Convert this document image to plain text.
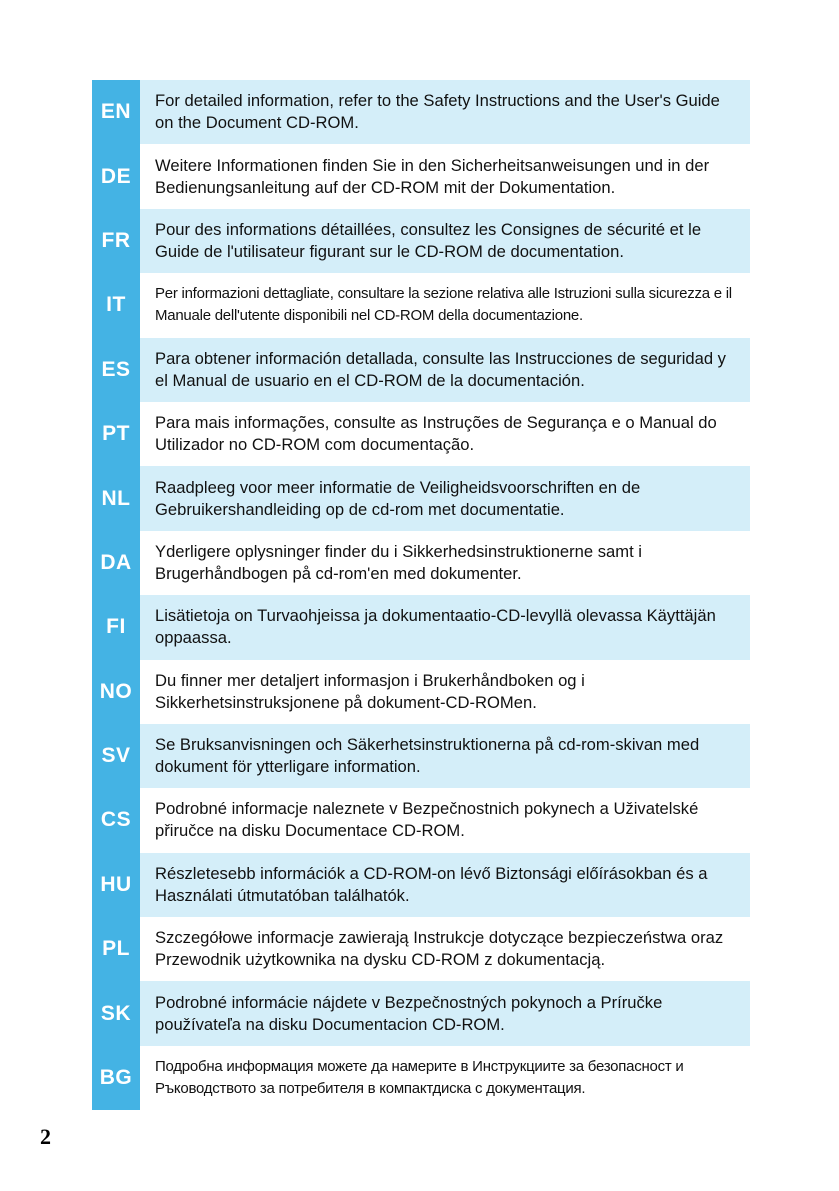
EN	For detailed information, refer to the Safety Instructions and the User's Guide on the Document CD-ROM.
DE	Weitere Informationen finden Sie in den Sicherheitsanweisungen und in der Bedienungsanleitung auf der CD-ROM mit der Dokumentation.
FR	Pour des informations détaillées, consultez les Consignes de sécurité et le Guide de l'utilisateur figurant sur le CD-ROM de documentation.
IT	Per informazioni dettagliate, consultare la sezione relativa alle Istruzioni sulla sicurezza e il Manuale dell'utente disponibili nel CD-ROM della documentazione.
ES	Para obtener información detallada, consulte las Instrucciones de seguridad y el Manual de usuario en el CD-ROM de la documentación.
PT	Para mais informações, consulte as Instruções de Segurança e o Manual do Utilizador no CD-ROM com documentação.
NL	Raadpleeg voor meer informatie de Veiligheidsvoorschriften en de Gebruikershandleiding op de cd-rom met documentatie.
DA	Yderligere oplysninger finder du i Sikkerhedsinstruktionerne samt i Brugerhåndbogen på cd-rom'en med dokumenter.
FI	Lisätietoja on Turvaohjeissa ja dokumentaatio-CD-levyllä olevassa Käyttäjän oppaassa.
NO	Du finner mer detaljert informasjon i Brukerhåndboken og i Sikkerhetsinstruksjonene på dokument-CD-ROMen.
SV	Se Bruksanvisningen och Säkerhetsinstruktionerna på cd-rom-skivan med dokument för ytterligare information.
CS	Podrobné informacje naleznete v Bezpečnostnich pokynech a Uživatelské přiručce na disku Documentace CD-ROM.
HU	Részletesebb információk a CD-ROM-on lévő Biztonsági előírásokban és a Használati útmutatóban találhatók.
PL	Szczegółowe informacje zawierają Instrukcje dotyczące bezpieczeństwa oraz Przewodnik użytkownika na dysku CD-ROM z dokumentacją.
SK	Podrobné informácie nájdete v Bezpečnostných pokynoch a Príručke používateľa na disku Documentacion CD-ROM.
BG	Подробна информация можете да намерите в Инструкциите за безопасност и Ръководството за потребителя в компактдиска с документация.
2
